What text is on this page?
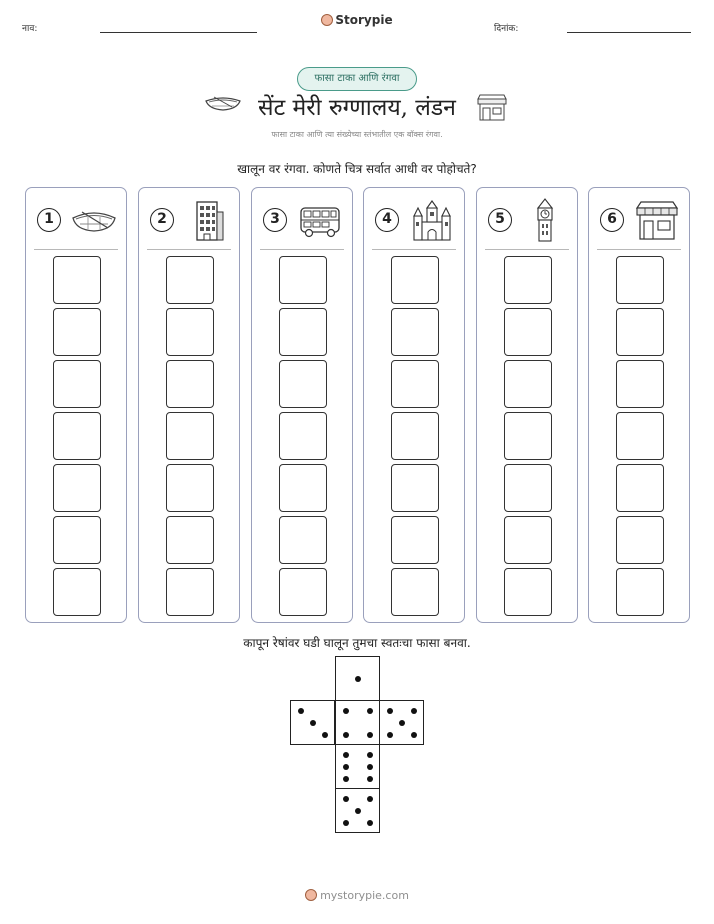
नाव:
Storypie
दिनांक:
फासा टाका आणि रंगवा
सेंट मेरी रुग्णालय, लंडन
फासा टाका आणि त्या संख्येच्या स्तंभातील एक बॉक्स रंगवा.
खालून वर रंगवा. कोणते चित्र सर्वात आधी वर पोहोचते?
1	2	3	4	5	6
कापून रेषांवर घडी घालून तुमचा स्वतःचा फासा बनवा.
mystorypie.com
